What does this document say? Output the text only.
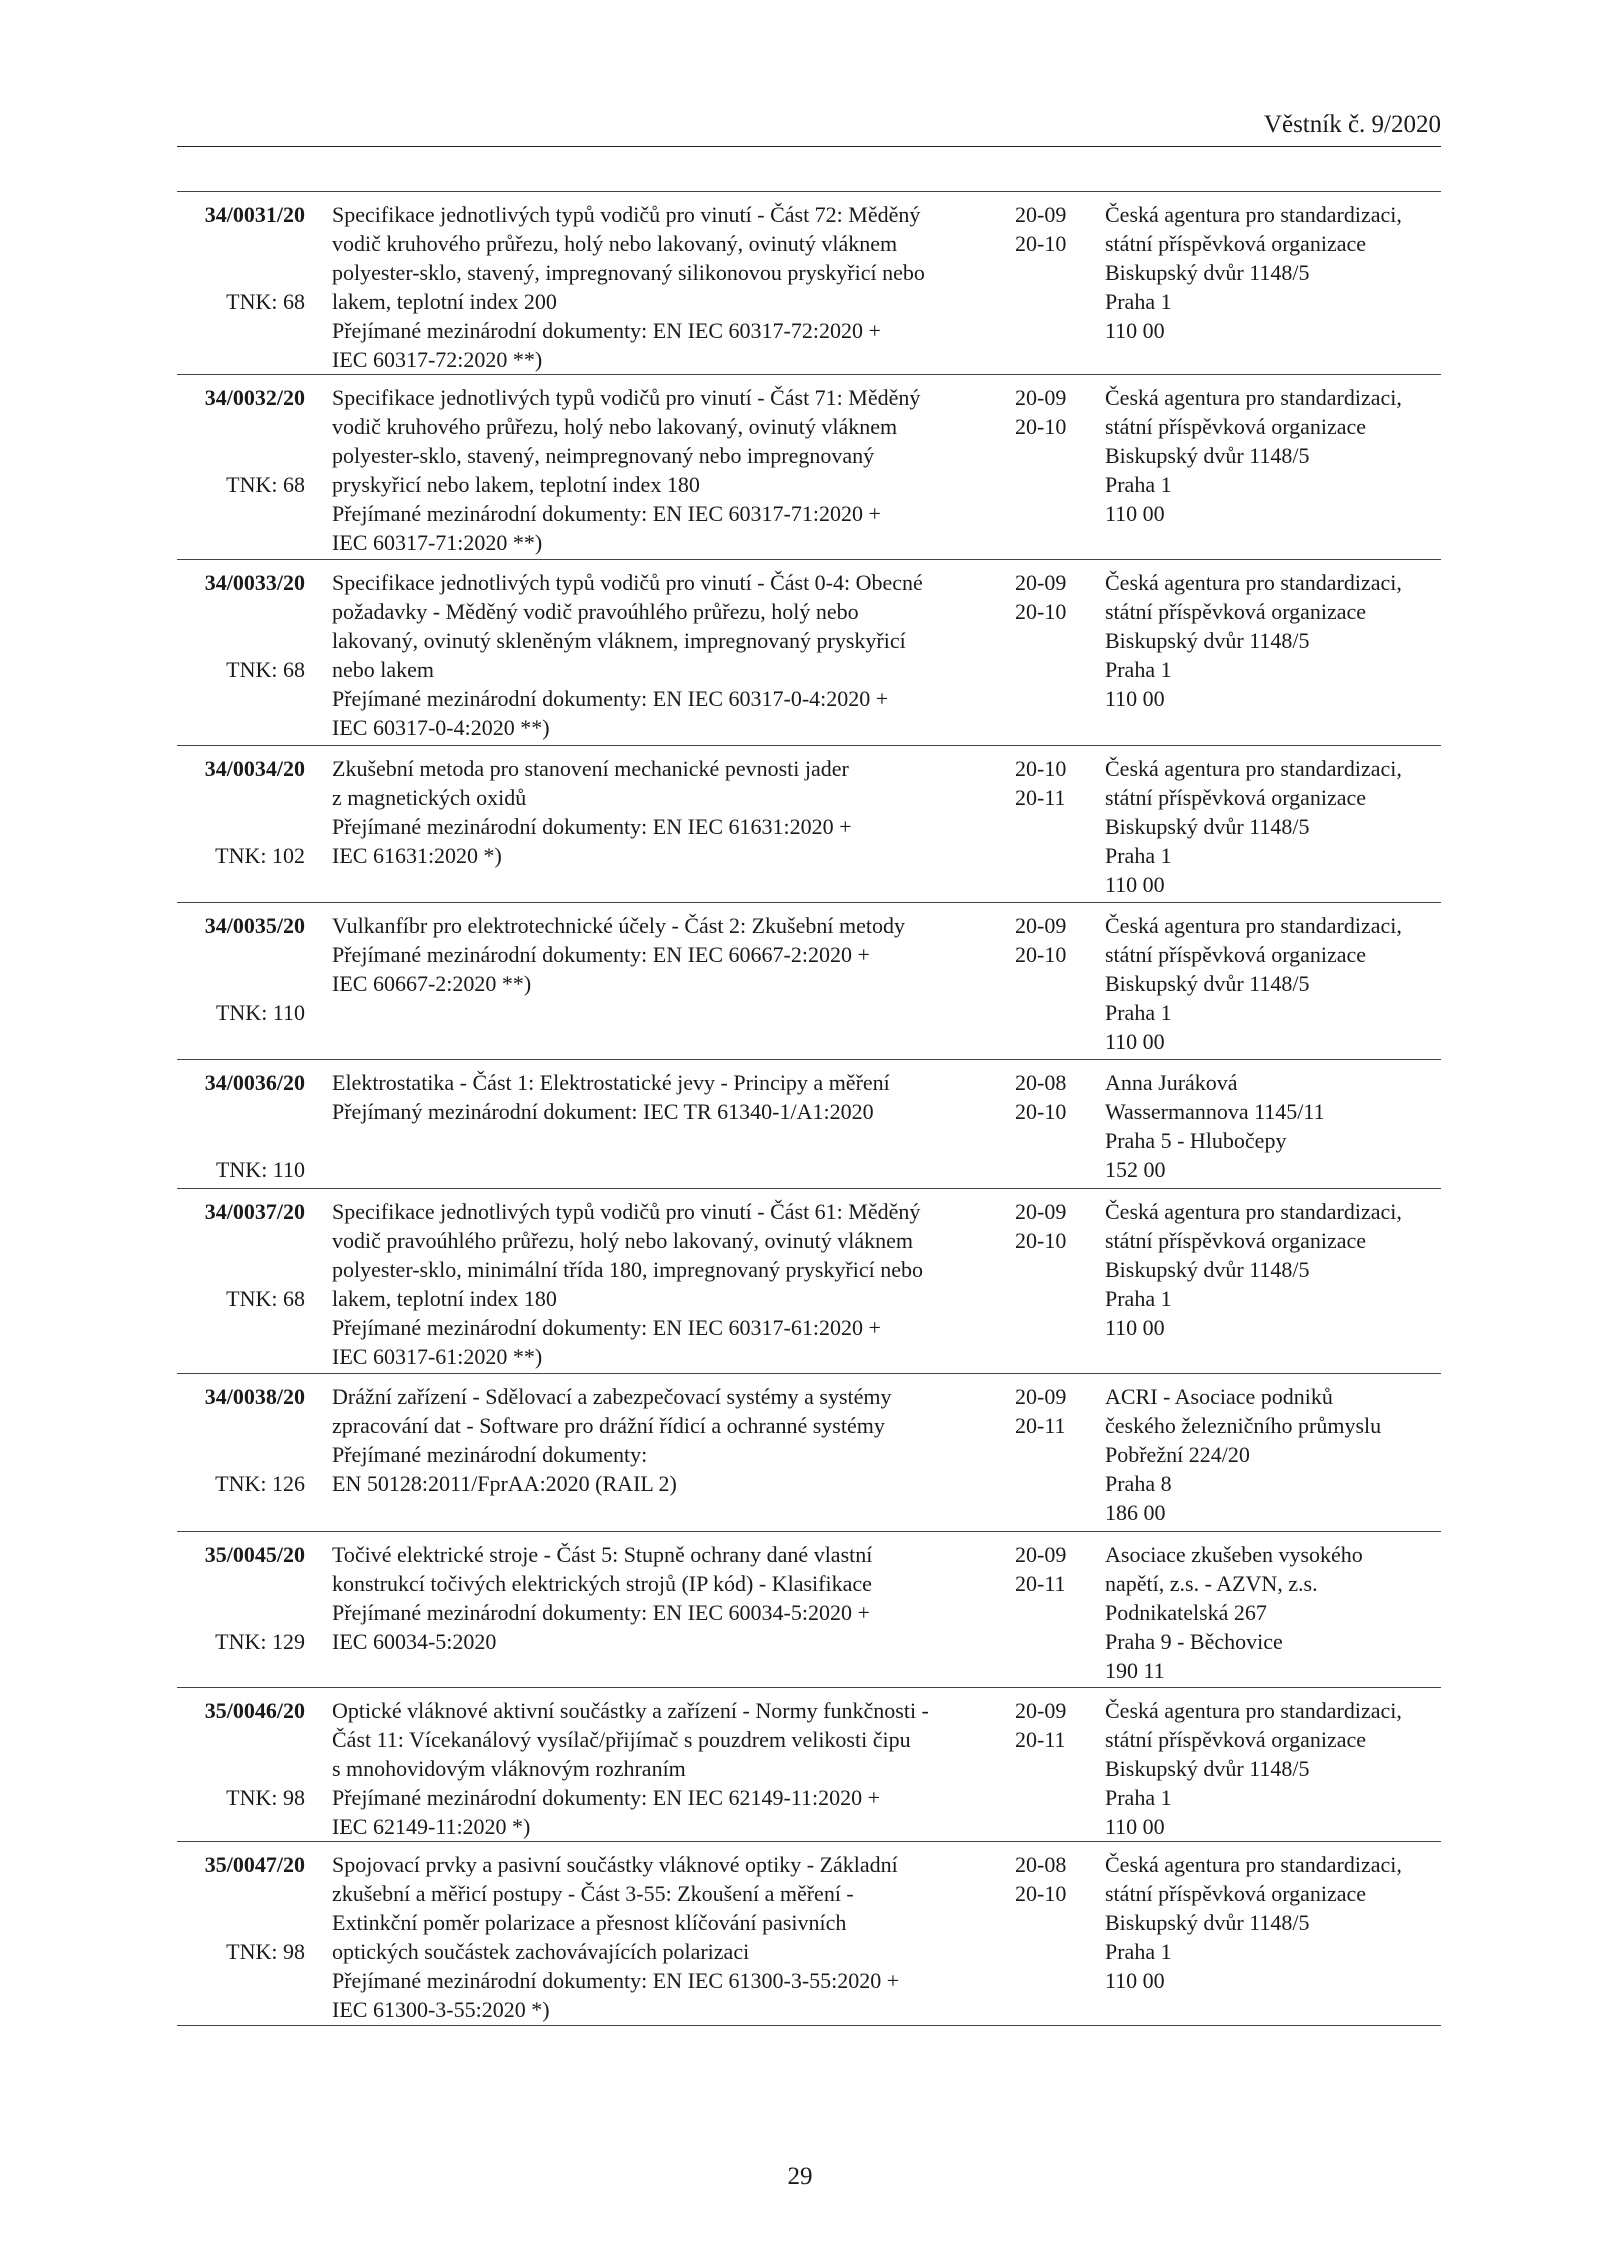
Věstník č. 9/2020
34/0031/20
TNK: 68
Specifikace jednotlivých typů vodičů pro vinutí - Část 72: Měděný
vodič kruhového průřezu, holý nebo lakovaný, ovinutý vláknem
polyester-sklo, stavený, impregnovaný silikonovou pryskyřicí nebo
lakem, teplotní index 200
Přejímané mezinárodní dokumenty: EN IEC 60317-72:2020 +
IEC 60317-72:2020 **)
20-09
20-10
Česká agentura pro standardizaci,
státní příspěvková organizace
Biskupský dvůr 1148/5
Praha 1
110 00
34/0032/20
TNK: 68
Specifikace jednotlivých typů vodičů pro vinutí - Část 71: Měděný
vodič kruhového průřezu, holý nebo lakovaný, ovinutý vláknem
polyester-sklo, stavený, neimpregnovaný nebo impregnovaný
pryskyřicí nebo lakem, teplotní index 180
Přejímané mezinárodní dokumenty: EN IEC 60317-71:2020 +
IEC 60317-71:2020 **)
20-09
20-10
Česká agentura pro standardizaci,
státní příspěvková organizace
Biskupský dvůr 1148/5
Praha 1
110 00
34/0033/20
TNK: 68
Specifikace jednotlivých typů vodičů pro vinutí - Část 0-4: Obecné
požadavky - Měděný vodič pravoúhlého průřezu, holý nebo
lakovaný, ovinutý skleněným vláknem, impregnovaný pryskyřicí
nebo lakem
Přejímané mezinárodní dokumenty: EN IEC 60317-0-4:2020 +
IEC 60317-0-4:2020 **)
20-09
20-10
Česká agentura pro standardizaci,
státní příspěvková organizace
Biskupský dvůr 1148/5
Praha 1
110 00
34/0034/20
TNK: 102
Zkušební metoda pro stanovení mechanické pevnosti jader
z magnetických oxidů
Přejímané mezinárodní dokumenty: EN IEC 61631:2020 +
IEC 61631:2020 *)
20-10
20-11
Česká agentura pro standardizaci,
státní příspěvková organizace
Biskupský dvůr 1148/5
Praha 1
110 00
34/0035/20
TNK: 110
Vulkanfíbr pro elektrotechnické účely - Část 2: Zkušební metody
Přejímané mezinárodní dokumenty: EN IEC 60667-2:2020 +
IEC 60667-2:2020 **)
20-09
20-10
Česká agentura pro standardizaci,
státní příspěvková organizace
Biskupský dvůr 1148/5
Praha 1
110 00
34/0036/20
TNK: 110
Elektrostatika - Část 1: Elektrostatické jevy - Principy a měření
Přejímaný mezinárodní dokument: IEC TR 61340-1/A1:2020
20-08
20-10
Anna Juráková
Wassermannova 1145/11
Praha 5 - Hlubočepy
152 00
34/0037/20
TNK: 68
Specifikace jednotlivých typů vodičů pro vinutí - Část 61: Měděný
vodič pravoúhlého průřezu, holý nebo lakovaný, ovinutý vláknem
polyester-sklo, minimální třída 180, impregnovaný pryskyřicí nebo
lakem, teplotní index 180
Přejímané mezinárodní dokumenty: EN IEC 60317-61:2020 +
IEC 60317-61:2020 **)
20-09
20-10
Česká agentura pro standardizaci,
státní příspěvková organizace
Biskupský dvůr 1148/5
Praha 1
110 00
34/0038/20
TNK: 126
Drážní zařízení - Sdělovací a zabezpečovací systémy a systémy
zpracování dat - Software pro drážní řídicí a ochranné systémy
Přejímané mezinárodní dokumenty:
EN 50128:2011/FprAA:2020 (RAIL 2)
20-09
20-11
ACRI - Asociace podniků
českého železničního průmyslu
Pobřežní 224/20
Praha 8
186 00
35/0045/20
TNK: 129
Točivé elektrické stroje - Část 5: Stupně ochrany dané vlastní
konstrukcí točivých elektrických strojů (IP kód) - Klasifikace
Přejímané mezinárodní dokumenty: EN IEC 60034-5:2020 +
IEC 60034-5:2020
20-09
20-11
Asociace zkušeben vysokého
napětí, z.s. - AZVN, z.s.
Podnikatelská 267
Praha 9 - Běchovice
190 11
35/0046/20
TNK: 98
Optické vláknové aktivní součástky a zařízení - Normy funkčnosti -
Část 11: Vícekanálový vysílač/přijímač s pouzdrem velikosti čipu
s mnohovidovým vláknovým rozhraním
Přejímané mezinárodní dokumenty: EN IEC 62149-11:2020 +
IEC 62149-11:2020 *)
20-09
20-11
Česká agentura pro standardizaci,
státní příspěvková organizace
Biskupský dvůr 1148/5
Praha 1
110 00
35/0047/20
TNK: 98
Spojovací prvky a pasivní součástky vláknové optiky - Základní
zkušební a měřicí postupy - Část 3-55: Zkoušení a měření -
Extinkční poměr polarizace a přesnost klíčování pasivních
optických součástek zachovávajících polarizaci
Přejímané mezinárodní dokumenty: EN IEC 61300-3-55:2020 +
IEC 61300-3-55:2020 *)
20-08
20-10
Česká agentura pro standardizaci,
státní příspěvková organizace
Biskupský dvůr 1148/5
Praha 1
110 00
29
